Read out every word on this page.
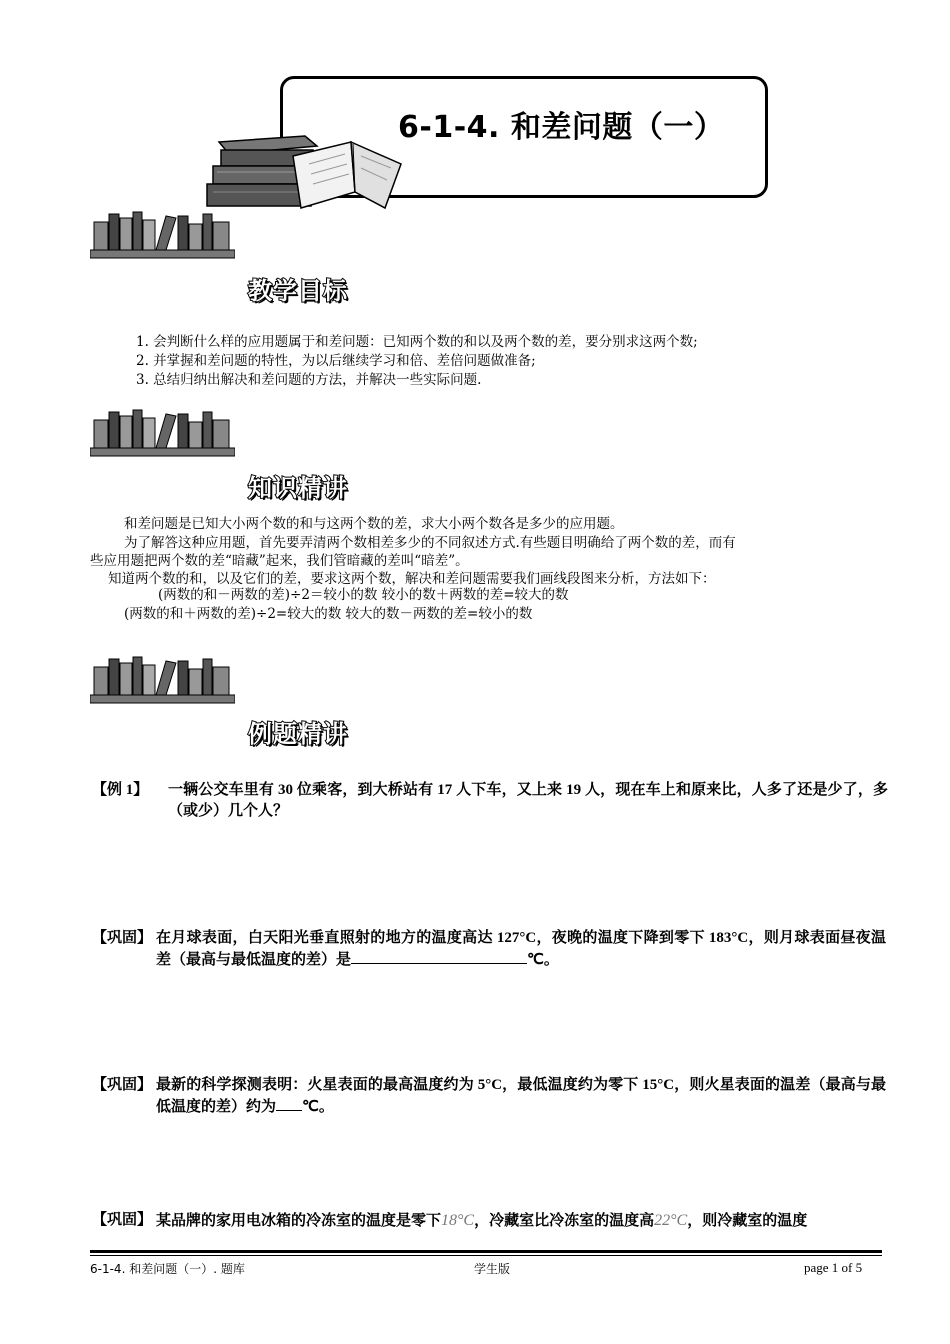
6-1-4. 和差问题（一）
教学目标
1. 会判断什么样的应用题属于和差问题：已知两个数的和以及两个数的差，要分别求这两个数;
2. 并掌握和差问题的特性，为以后继续学习和倍、差倍问题做准备;
3. 总结归纳出解决和差问题的方法，并解决一些实际问题.
知识精讲
和差问题是已知大小两个数的和与这两个数的差，求大小两个数各是多少的应用题。
为了解答这种应用题，首先要弄清两个数相差多少的不同叙述方式.有些题目明确给了两个数的差，而有
些应用题把两个数的差“暗藏”起来，我们管暗藏的差叫“暗差”。
知道两个数的和，以及它们的差，要求这两个数，解决和差问题需要我们画线段图来分析，方法如下：
(两数的和－两数的差)÷2＝较小的数 较小的数＋两数的差=较大的数
(两数的和＋两数的差)÷2=较大的数 较大的数－两数的差=较小的数
例题精讲
【例 1】 一辆公交车里有 30 位乘客，到大桥站有 17 人下车，又上来 19 人，现在车上和原来比，人多了还是少了，多（或少）几个人？
【巩固】 在月球表面，白天阳光垂直照射的地方的温度高达 127°C，夜晚的温度下降到零下 183°C，则月球表面昼夜温差（最高与最低温度的差）是	℃。
【巩固】 最新的科学探测表明：火星表面的最高温度约为 5°C，最低温度约为零下 15°C，则火星表面的温差（最高与最低温度的差）约为 ℃。
【巩固】 某品牌的家用电冰箱的冷冻室的温度是零下18°C，冷藏室比冷冻室的温度高22°C，则冷藏室的温度
6-1-4. 和差问题（一）. 题库	学生版	page 1 of 5
